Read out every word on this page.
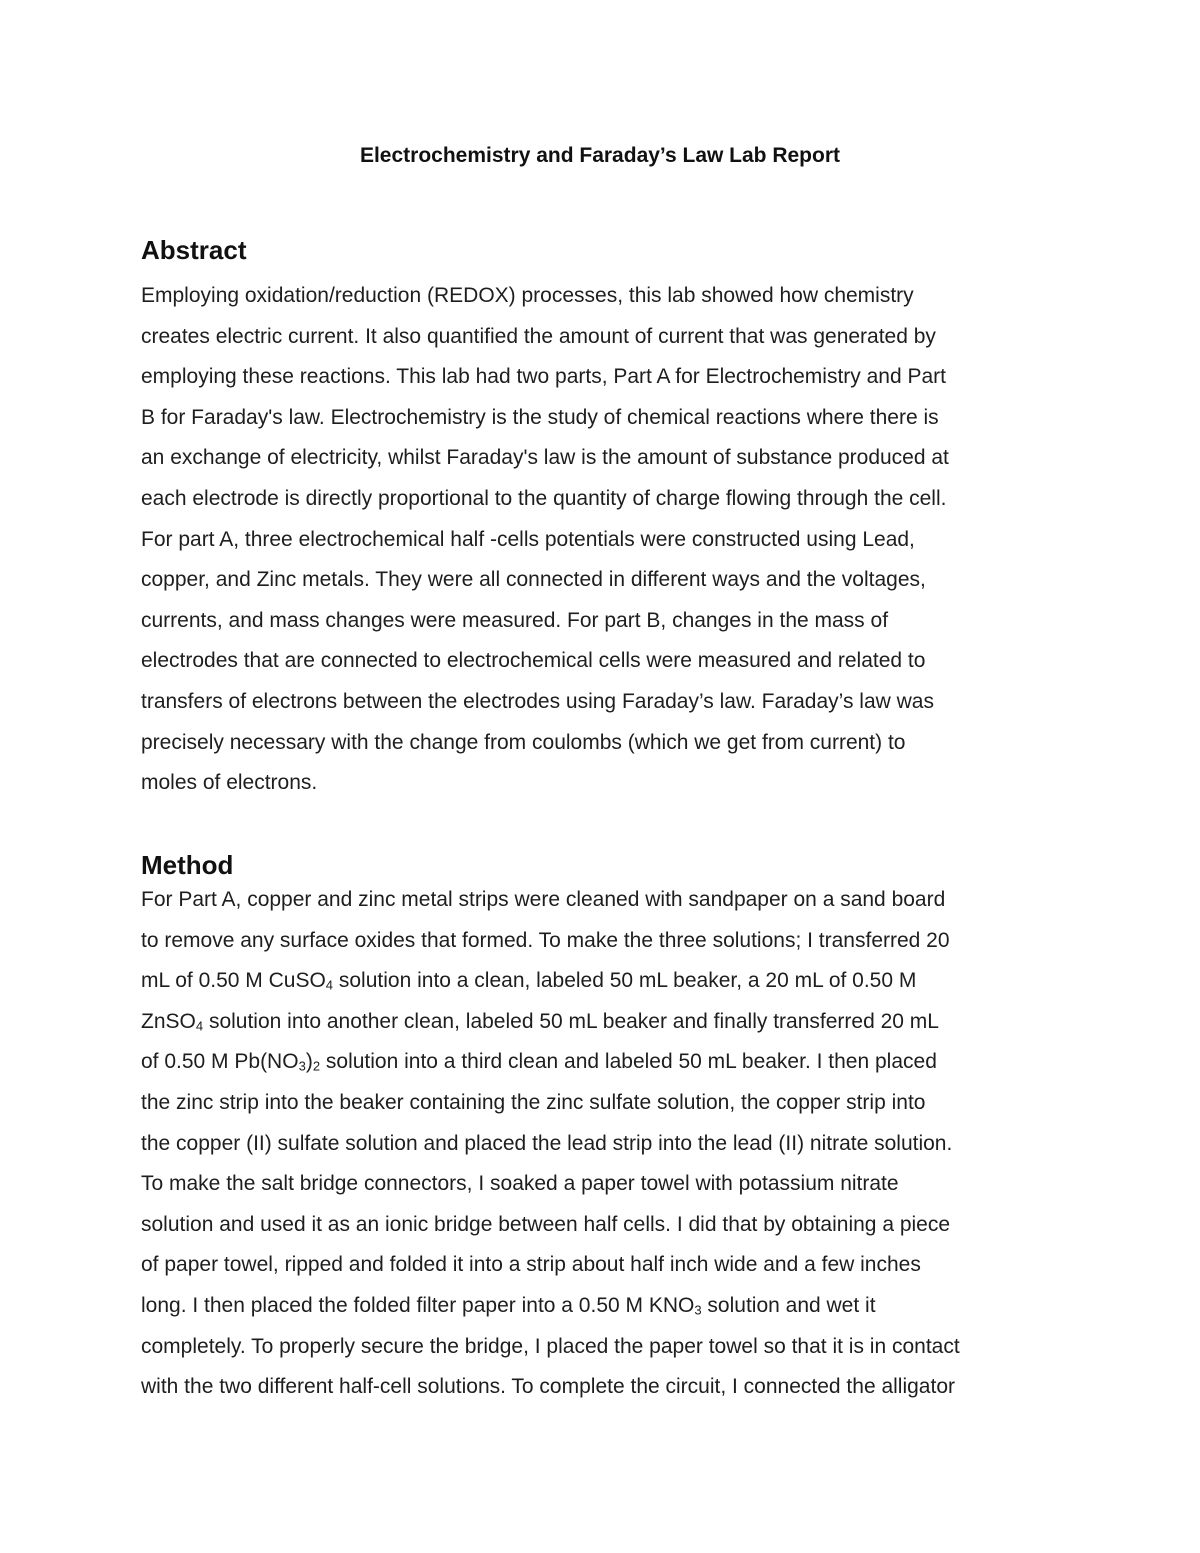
Electrochemistry and Faraday’s Law Lab Report
Abstract
Employing oxidation/reduction (REDOX) processes, this lab showed how chemistry
creates electric current. It also quantified the amount of current that was generated by
employing these reactions. This lab had two parts, Part A for Electrochemistry and Part
B for Faraday's law. Electrochemistry is the study of chemical reactions where there is
an exchange of electricity, whilst Faraday's law is the amount of substance produced at
each electrode is directly proportional to the quantity of charge flowing through the cell.
For part A, three electrochemical half -cells potentials were constructed using Lead,
copper, and Zinc metals. They were all connected in different ways and the voltages,
currents, and mass changes were measured. For part B, changes in the mass of
electrodes that are connected to electrochemical cells were measured and related to
transfers of electrons between the electrodes using Faraday’s law. Faraday’s law was
precisely necessary with the change from coulombs (which we get from current) to
moles of electrons.
Method
For Part A, copper and zinc metal strips were cleaned with sandpaper on a sand board
to remove any surface oxides that formed. To make the three solutions; I transferred 20
mL of 0.50 M CuSO4 solution into a clean, labeled 50 mL beaker, a 20 mL of 0.50 M
ZnSO4 solution into another clean, labeled 50 mL beaker and finally transferred 20 mL
of 0.50 M Pb(NO3)2 solution into a third clean and labeled 50 mL beaker. I then placed
the zinc strip into the beaker containing the zinc sulfate solution, the copper strip into
the copper (II) sulfate solution and placed the lead strip into the lead (II) nitrate solution.
To make the salt bridge connectors, I soaked a paper towel with potassium nitrate
solution and used it as an ionic bridge between half cells. I did that by obtaining a piece
of paper towel, ripped and folded it into a strip about half inch wide and a few inches
long. I then placed the folded filter paper into a 0.50 M KNO3 solution and wet it
completely. To properly secure the bridge, I placed the paper towel so that it is in contact
with the two different half-cell solutions. To complete the circuit, I connected the alligator
